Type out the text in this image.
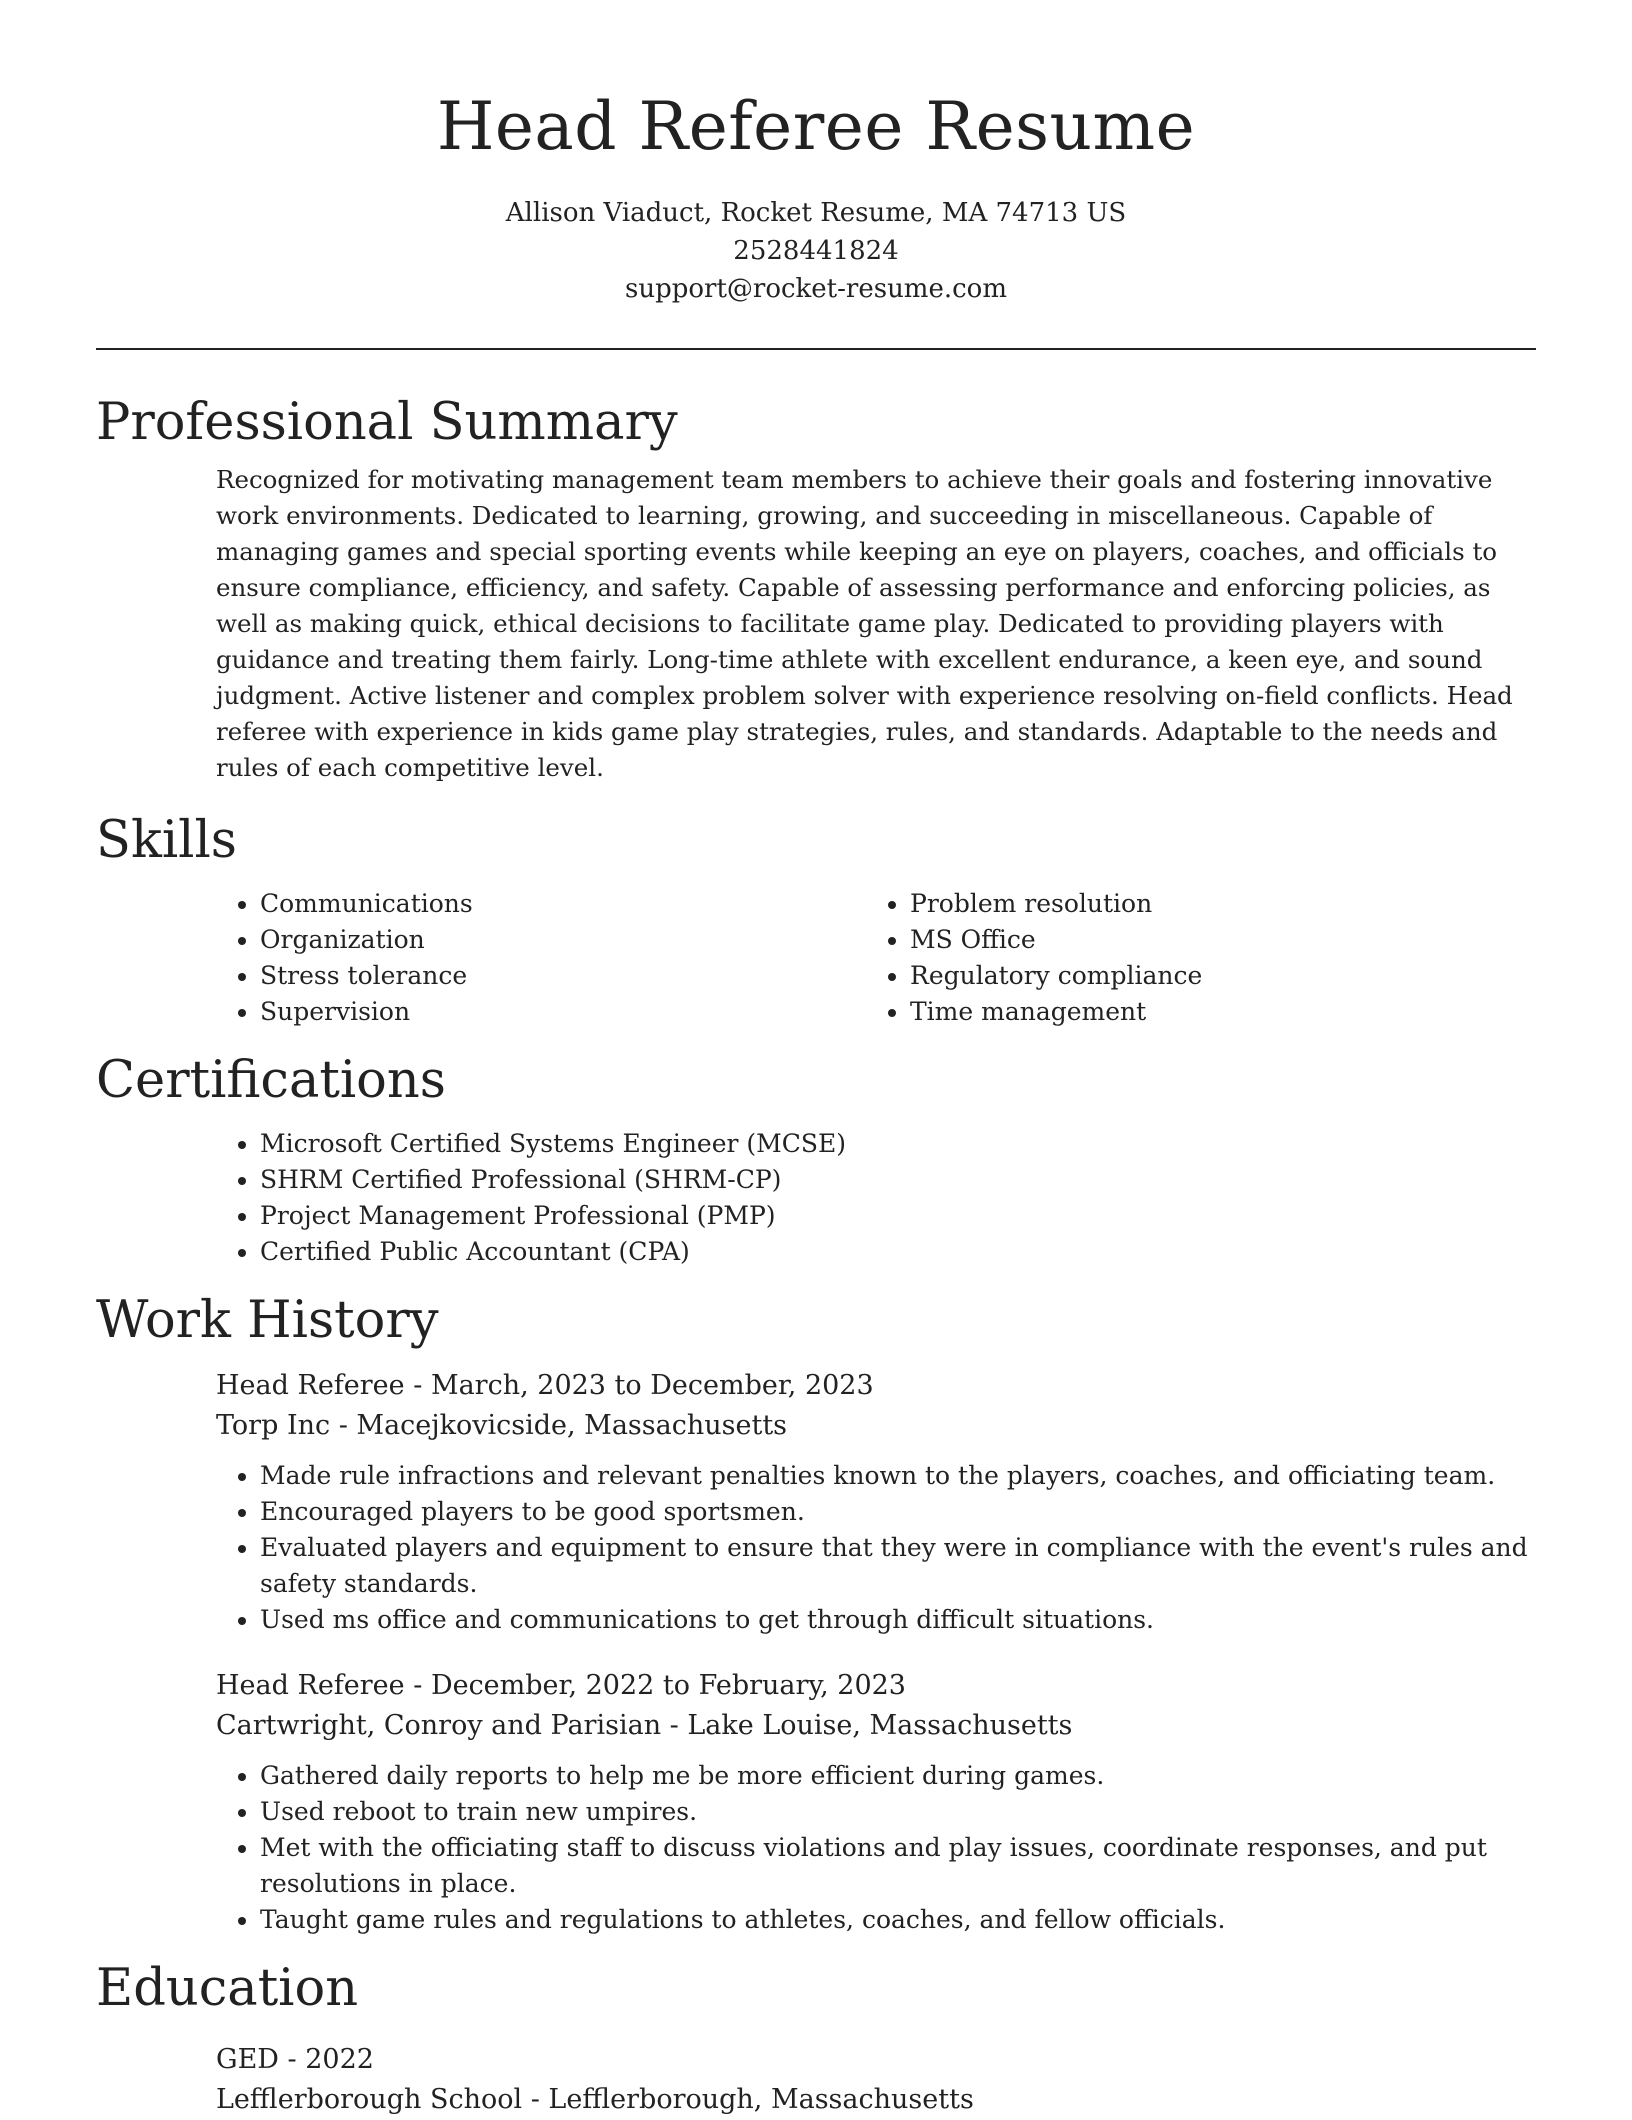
Head Referee Resume
Allison Viaduct, Rocket Resume, MA 74713 US
2528441824
support@rocket-resume.com
Professional Summary

Recognized for motivating management team members to achieve their goals and fostering innovative work environments. Dedicated to learning, growing, and succeeding in miscellaneous. Capable of managing games and special sporting events while keeping an eye on players, coaches, and officials to ensure compliance, efficiency, and safety. Capable of assessing performance and enforcing policies, as well as making quick, ethical decisions to facilitate game play. Dedicated to providing players with guidance and treating them fairly. Long-time athlete with excellent endurance, a keen eye, and sound judgment. Active listener and complex problem solver with experience resolving on-field conflicts. Head referee with experience in kids game play strategies, rules, and standards. Adaptable to the needs and rules of each competitive level.

Skills
• Communications
• Organization
• Stress tolerance
• Supervision
• Problem resolution
• MS Office
• Regulatory compliance
• Time management
Certifications
• Microsoft Certified Systems Engineer (MCSE)
• SHRM Certified Professional (SHRM-CP)
• Project Management Professional (PMP)
• Certified Public Accountant (CPA)
Work History
Head Referee - March, 2023 to December, 2023
Torp Inc - Macejkovicside, Massachusetts
• Made rule infractions and relevant penalties known to the players, coaches, and officiating team.
• Encouraged players to be good sportsmen.
• Evaluated players and equipment to ensure that they were in compliance with the event's rules and safety standards.
• Used ms office and communications to get through difficult situations.
Head Referee - December, 2022 to February, 2023
Cartwright, Conroy and Parisian - Lake Louise, Massachusetts
• Gathered daily reports to help me be more efficient during games.
• Used reboot to train new umpires.
• Met with the officiating staff to discuss violations and play issues, coordinate responses, and put resolutions in place.
• Taught game rules and regulations to athletes, coaches, and fellow officials.
Education
GED - 2022
Lefflerborough School - Lefflerborough, Massachusetts
